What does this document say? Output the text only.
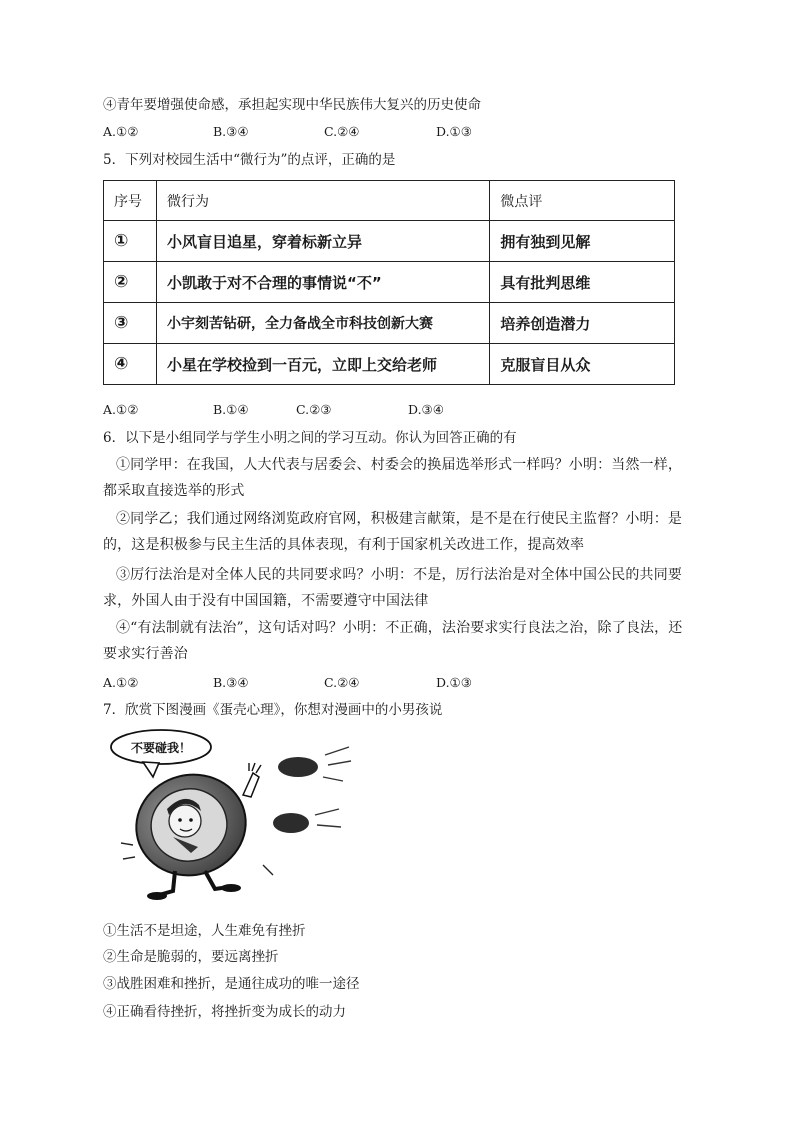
④青年要增强使命感，承担起实现中华民族伟大复兴的历史使命
A.①②	B.③④	C.②④	D.①③
5．下列对校园生活中“微行为”的点评，正确的是
序号	微行为	微点评
①	小风盲目追星，穿着标新立异	拥有独到见解
②	小凯敢于对不合理的事情说“不”	具有批判思维
③	小宇刻苦钻研，全力备战全市科技创新大赛	培养创造潜力
④	小星在学校捡到一百元，立即上交给老师	克服盲目从众
A.①②	B.①④	C.②③	D.③④
6．以下是小组同学与学生小明之间的学习互动。你认为回答正确的有
①同学甲：在我国，人大代表与居委会、村委会的换届选举形式一样吗？小明：当然一样，都采取直接选举的形式
②同学乙；我们通过网络浏览政府官网，积极建言献策，是不是在行使民主监督？小明：是的，这是积极参与民主生活的具体表现，有利于国家机关改进工作，提高效率
③厉行法治是对全体人民的共同要求吗？小明：不是，厉行法治是对全体中国公民的共同要求，外国人由于没有中国国籍，不需要遵守中国法律
④“有法制就有法治”，这句话对吗？小明：不正确，法治要求实行良法之治，除了良法，还要求实行善治
A.①②	B.③④	C.②④	D.①③
7．欣赏下图漫画《蛋壳心理》，你想对漫画中的小男孩说
不要碰我！
①生活不是坦途，人生难免有挫折
②生命是脆弱的，要远离挫折
③战胜困难和挫折，是通往成功的唯一途径
④正确看待挫折，将挫折变为成长的动力
